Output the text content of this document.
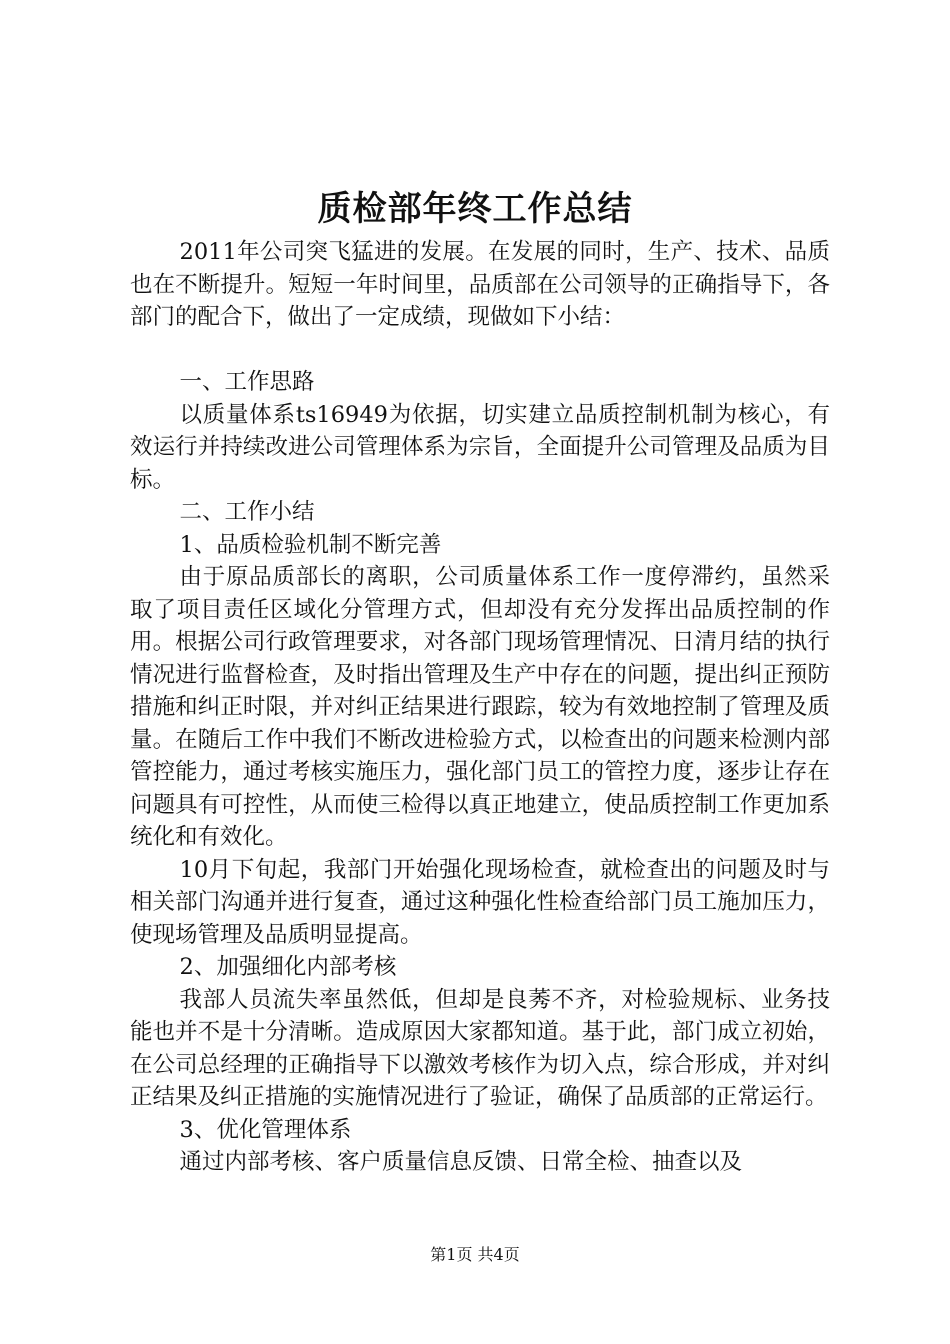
质检部年终工作总结

2011年公司突飞猛进的发展。在发展的同时，生产、技术、品质也在不断提升。短短一年时间里，品质部在公司领导的正确指导下，各部门的配合下，做出了一定成绩，现做如下小结：

一、工作思路

以质量体系ts16949为依据，切实建立品质控制机制为核心，有效运行并持续改进公司管理体系为宗旨，全面提升公司管理及品质为目标。

二、工作小结

1、品质检验机制不断完善

由于原品质部长的离职，公司质量体系工作一度停滞约，虽然采取了项目责任区域化分管理方式，但却没有充分发挥出品质控制的作用。根据公司行政管理要求，对各部门现场管理情况、日清月结的执行情况进行监督检查，及时指出管理及生产中存在的问题，提出纠正预防措施和纠正时限，并对纠正结果进行跟踪，较为有效地控制了管理及质量。在随后工作中我们不断改进检验方式，以检查出的问题来检测内部管控能力，通过考核实施压力，强化部门员工的管控力度，逐步让存在问题具有可控性，从而使三检得以真正地建立，使品质控制工作更加系统化和有效化。

10月下旬起，我部门开始强化现场检查，就检查出的问题及时与相关部门沟通并进行复查，通过这种强化性检查给部门员工施加压力，使现场管理及品质明显提高。

2、加强细化内部考核

我部人员流失率虽然低，但却是良莠不齐，对检验规标、业务技能也并不是十分清晰。造成原因大家都知道。基于此，部门成立初始，在公司总经理的正确指导下以激效考核作为切入点，综合形成，并对纠正结果及纠正措施的实施情况进行了验证，确保了品质部的正常运行。

3、优化管理体系

通过内部考核、客户质量信息反馈、日常全检、抽查以及

第1页 共4页
